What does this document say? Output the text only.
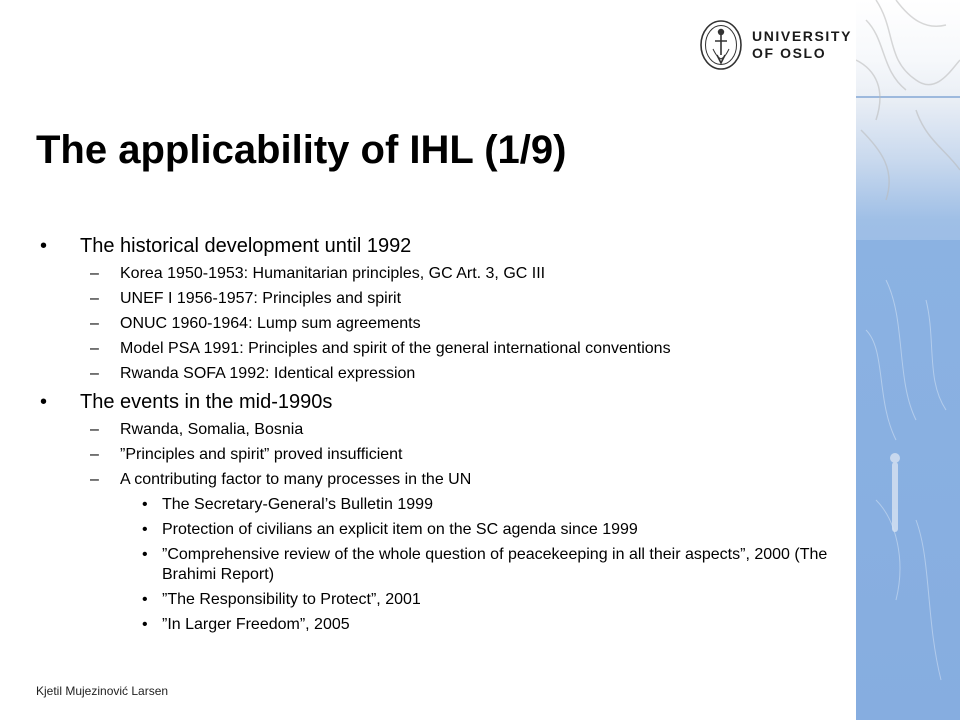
UNIVERSITY
OF OSLO
The applicability of IHL (1/9)
• The historical development until 1992
– Korea 1950-1953: Humanitarian principles, GC Art. 3, GC III
– UNEF I 1956-1957: Principles and spirit
– ONUC 1960-1964: Lump sum agreements
– Model PSA 1991: Principles and spirit of the general international conventions
– Rwanda SOFA 1992: Identical expression
• The events in the mid-1990s
– Rwanda, Somalia, Bosnia
– ”Principles and spirit” proved insufficient
– A contributing factor to many processes in the UN
• The Secretary-General’s Bulletin 1999
• Protection of civilians an explicit item on the SC agenda since 1999
• ”Comprehensive review of the whole question of peacekeeping in all their aspects”, 2000 (The Brahimi Report)
• ”The Responsibility to Protect”, 2001
• ”In Larger Freedom”, 2005
Kjetil Mujezinović Larsen
